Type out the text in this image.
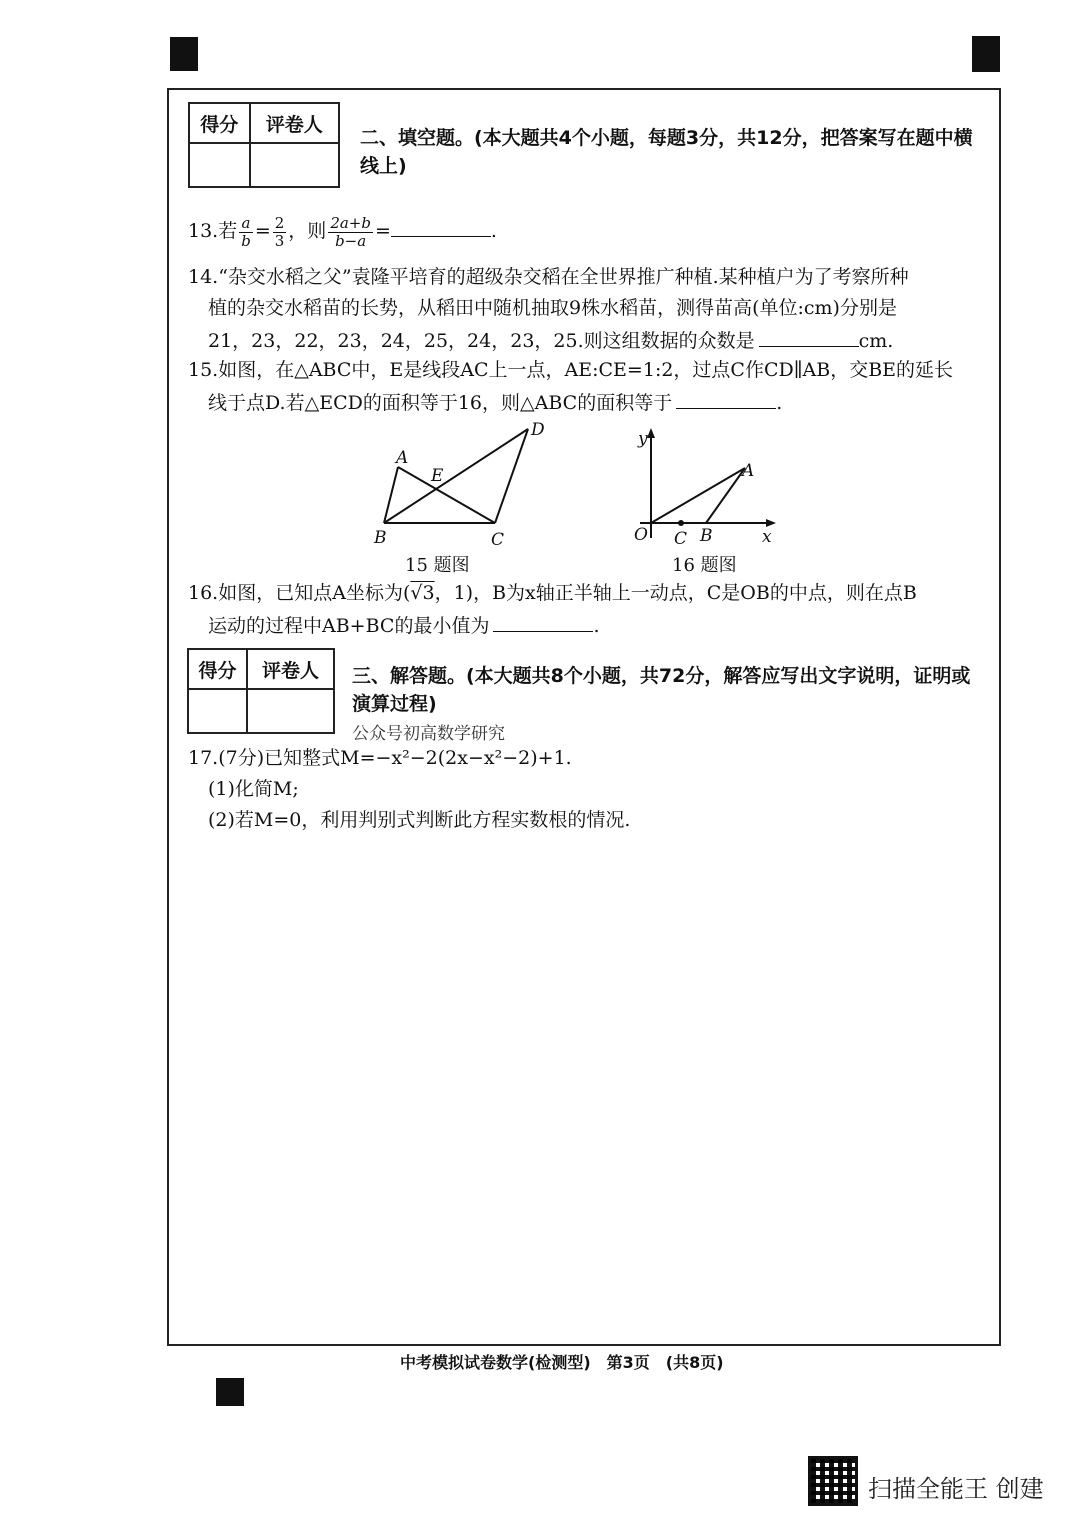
得分	评卷人

二、填空题。(本大题共4个小题，每题3分，共12分，把答案写在题中横
线上)
13.若 $\frac{a}{b} = \frac{2}{3}$ ，则 $\frac{2a+b}{b-a}$ =	.
14.“杂交水稻之父”袁隆平培育的超级杂交稻在全世界推广种植.某种植户为了考察所种
植的杂交水稻苗的长势，从稻田中随机抽取9株水稻苗，测得苗高(单位:cm)分别是
21，23，22，23，24，25，24，23，25.则这组数据的众数是	cm.
15.如图，在△ABC中，E是线段AC上一点，AE:CE=1:2，过点C作CD∥AB，交BE的延长
线于点D.若△ECD的面积等于16，则△ABC的面积等于	.
A
B	C
D
E
15 题图
y
x
O
A
C B
16 题图
16.如图，已知点A坐标为(√3，1)，B为x轴正半轴上一动点，C是OB的中点，则在点B
运动的过程中AB+BC的最小值为	.
得分	评卷人
	三、解答题。(本大题共8个小题，共72分，解答应写出文字说明，证明或
演算过程)
公众号初高数学研究
17.(7分)已知整式M=−x²−2(2x−x²−2)+1.
(1)化简M;
(2)若M=0，利用判别式判断此方程实数根的情况.
中考模拟试卷数学(检测型)　第3页　(共8页)
扫描全能王 创建
